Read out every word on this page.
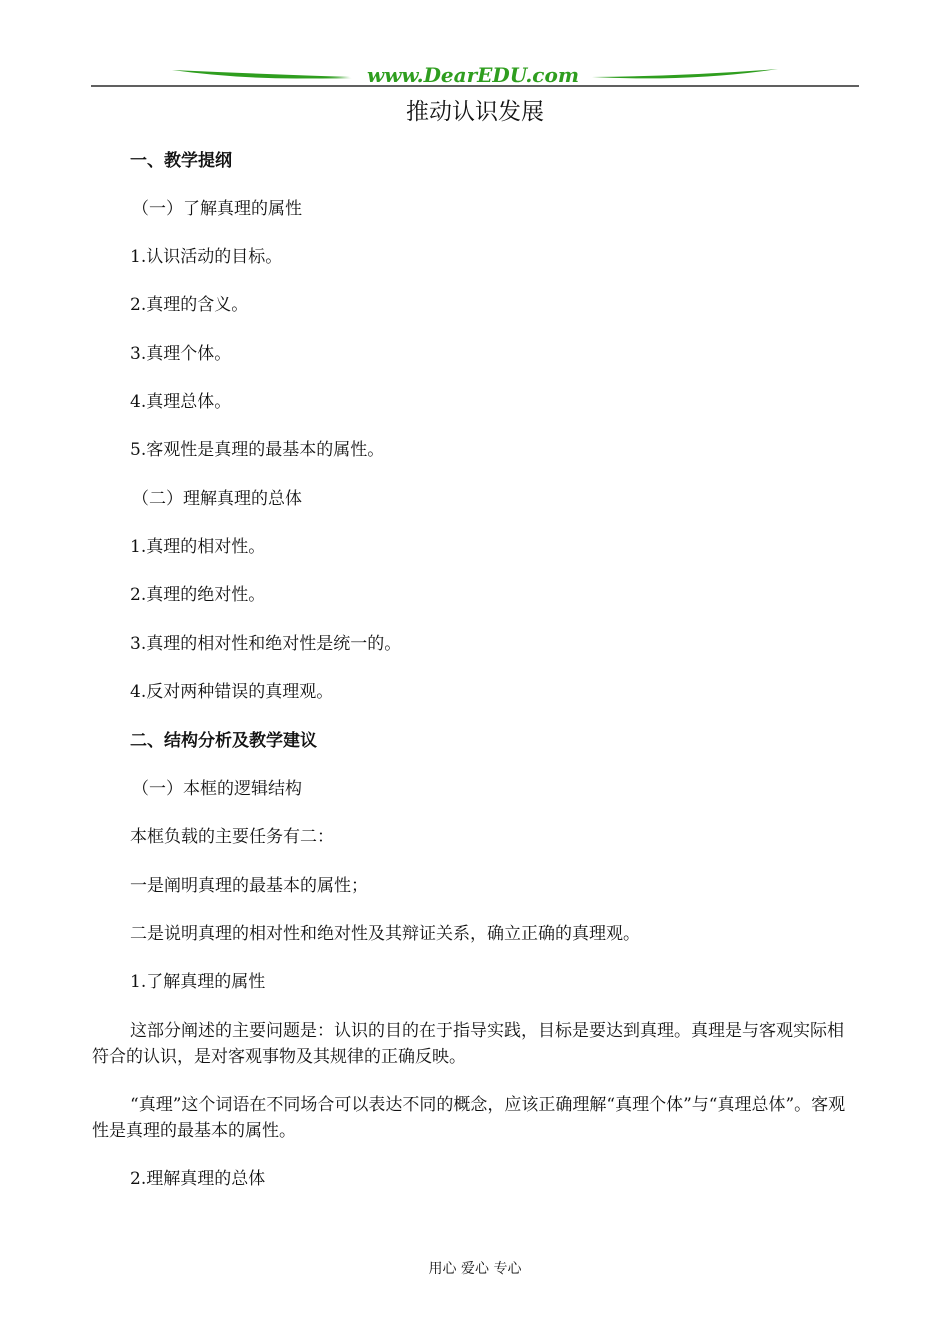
www.DearEDU.com
推动认识发展
一、教学提纲
（一）了解真理的属性
1.认识活动的目标。
2.真理的含义。
3.真理个体。
4.真理总体。
5.客观性是真理的最基本的属性。
（二）理解真理的总体
1.真理的相对性。
2.真理的绝对性。
3.真理的相对性和绝对性是统一的。
4.反对两种错误的真理观。
二、结构分析及教学建议
（一）本框的逻辑结构
本框负载的主要任务有二：
一是阐明真理的最基本的属性；
二是说明真理的相对性和绝对性及其辩证关系，确立正确的真理观。
1.了解真理的属性
这部分阐述的主要问题是：认识的目的在于指导实践，目标是要达到真理。真理是与客观实际相符合的认识，是对客观事物及其规律的正确反映。
“真理”这个词语在不同场合可以表达不同的概念，应该正确理解“真理个体”与“真理总体”。客观性是真理的最基本的属性。
2.理解真理的总体
用心 爱心 专心
